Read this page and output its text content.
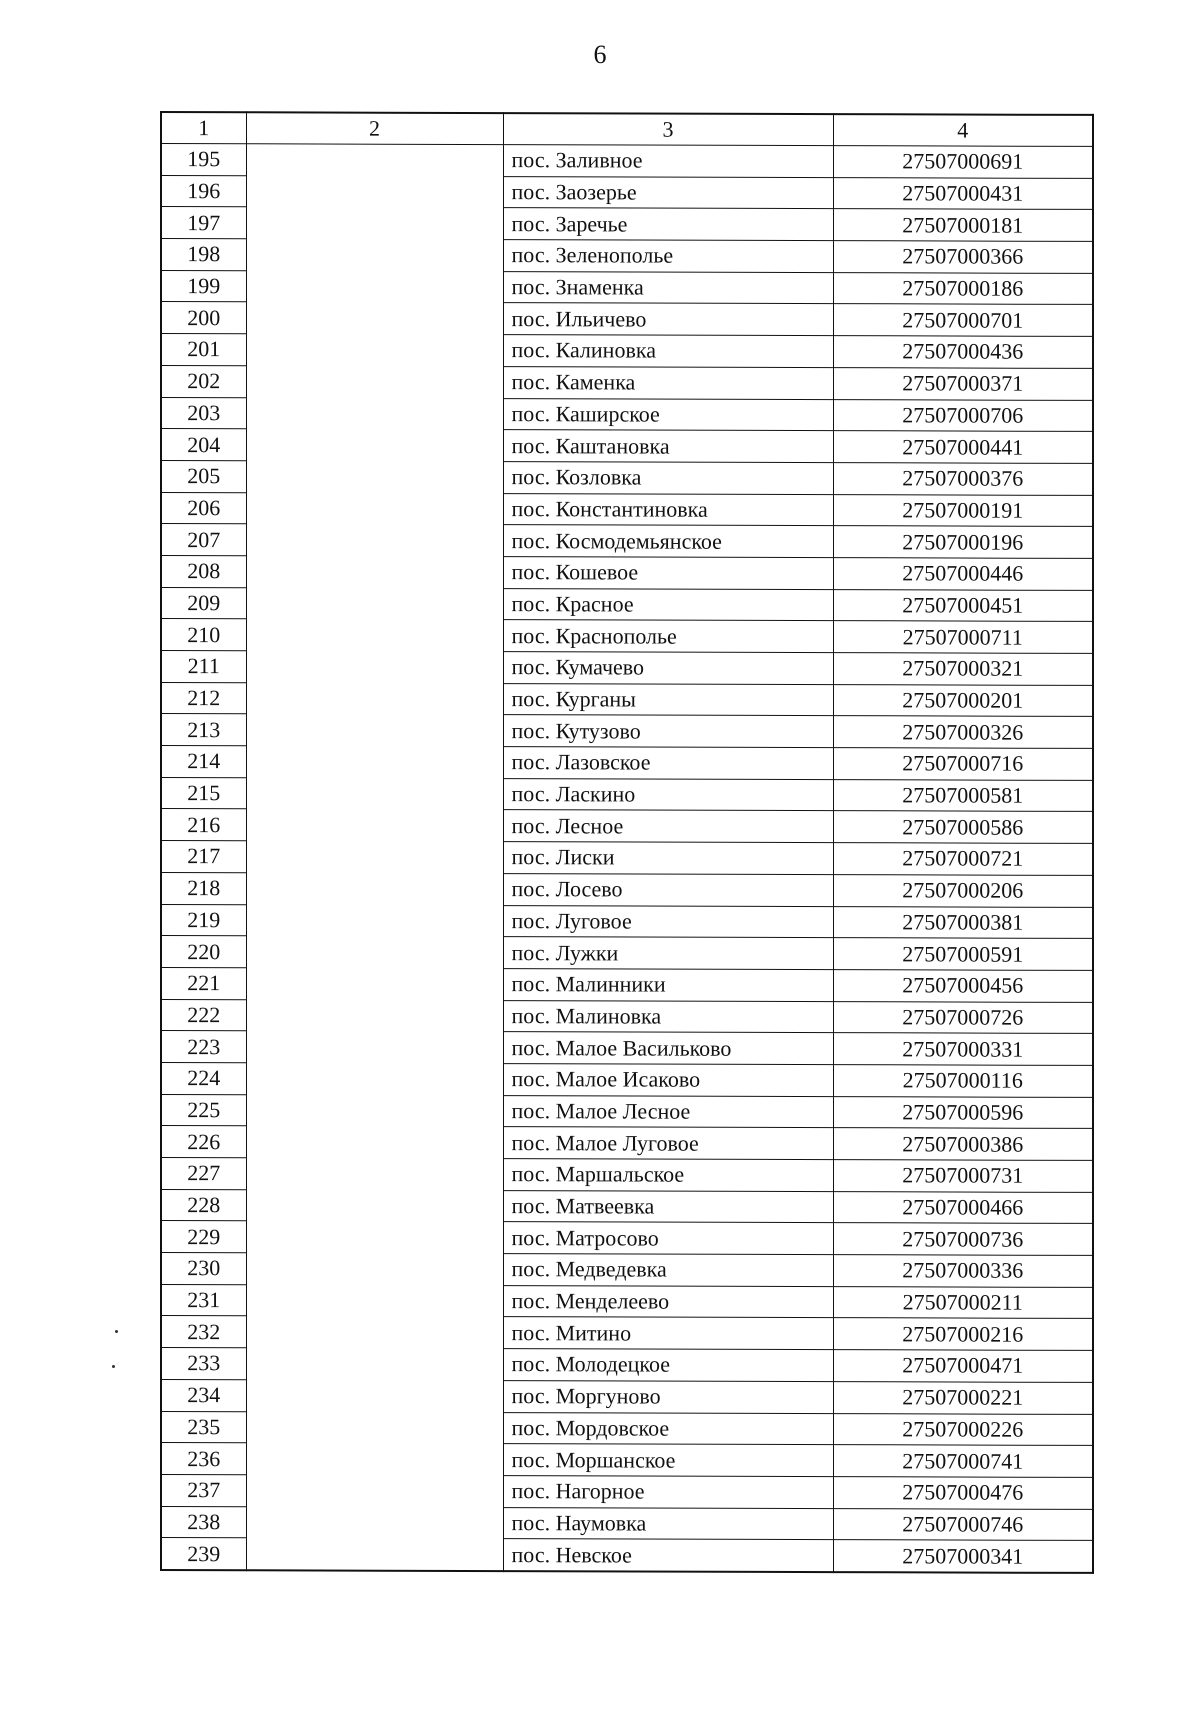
6
1	2	3	4
195		пос. Заливное	27507000691
196		пос. Заозерье	27507000431
197		пос. Заречье	27507000181
198		пос. Зеленополье	27507000366
199		пос. Знаменка	27507000186
200		пос. Ильичево	27507000701
201		пос. Калиновка	27507000436
202		пос. Каменка	27507000371
203		пос. Каширское	27507000706
204		пос. Каштановка	27507000441
205		пос. Козловка	27507000376
206		пос. Константиновка	27507000191
207		пос. Космодемьянское	27507000196
208		пос. Кошевое	27507000446
209		пос. Красное	27507000451
210		пос. Краснополье	27507000711
211		пос. Кумачево	27507000321
212		пос. Курганы	27507000201
213		пос. Кутузово	27507000326
214		пос. Лазовское	27507000716
215		пос. Ласкино	27507000581
216		пос. Лесное	27507000586
217		пос. Лиски	27507000721
218		пос. Лосево	27507000206
219		пос. Луговое	27507000381
220		пос. Лужки	27507000591
221		пос. Малинники	27507000456
222		пос. Малиновка	27507000726
223		пос. Малое Васильково	27507000331
224		пос. Малое Исаково	27507000116
225		пос. Малое Лесное	27507000596
226		пос. Малое Луговое	27507000386
227		пос. Маршальское	27507000731
228		пос. Матвеевка	27507000466
229		пос. Матросово	27507000736
230		пос. Медведевка	27507000336
231		пос. Менделеево	27507000211
232		пос. Митино	27507000216
233		пос. Молодецкое	27507000471
234		пос. Моргуново	27507000221
235		пос. Мордовское	27507000226
236		пос. Моршанское	27507000741
237		пос. Нагорное	27507000476
238		пос. Наумовка	27507000746
239		пос. Невское	27507000341
